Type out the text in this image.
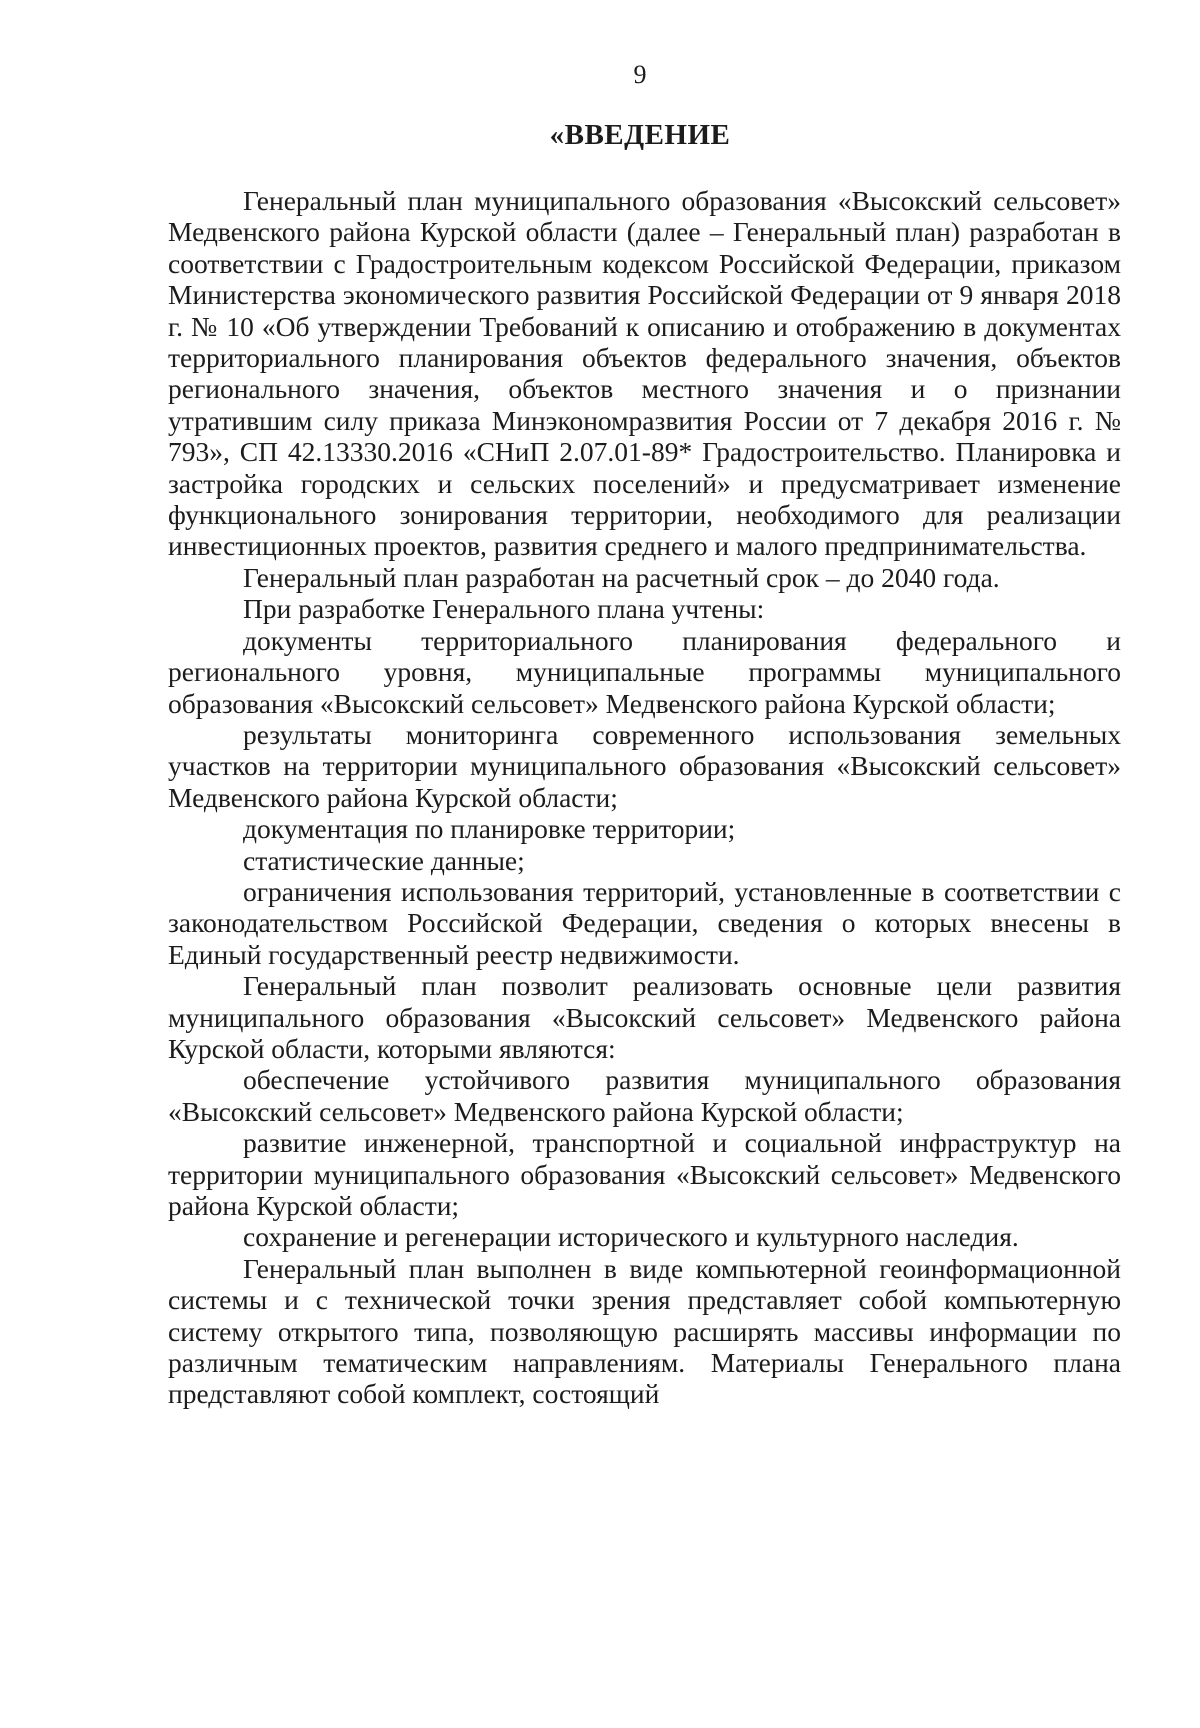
9
«ВВЕДЕНИЕ

Генеральный план муниципального образования «Высокский сельсовет» Медвенского района Курской области (далее – Генеральный план) разработан в соответствии с Градостроительным кодексом Российской Федерации, приказом Министерства экономического развития Российской Федерации от 9 января 2018 г. № 10 «Об утверждении Требований к описанию и отображению в документах территориального планирования объектов федерального значения, объектов регионального значения, объектов местного значения и о признании утратившим силу приказа Минэкономразвития России от 7 декабря 2016 г. № 793», СП 42.13330.2016 «СНиП 2.07.01-89* Градостроительство. Планировка и застройка городских и сельских поселений» и предусматривает изменение функционального зонирования территории, необходимого для реализации инвестиционных проектов, развития среднего и малого предпринимательства.

Генеральный план разработан на расчетный срок – до 2040 года.

При разработке Генерального плана учтены:

документы территориального планирования федерального и регионального уровня, муниципальные программы муниципального образования «Высокский сельсовет» Медвенского района Курской области;

результаты мониторинга современного использования земельных участков на территории муниципального образования «Высокский сельсовет» Медвенского района Курской области;

документация по планировке территории;

статистические данные;

ограничения использования территорий, установленные в соответствии с законодательством Российской Федерации, сведения о которых внесены в Единый государственный реестр недвижимости.

Генеральный план позволит реализовать основные цели развития муниципального образования «Высокский сельсовет» Медвенского района Курской области, которыми являются:

обеспечение устойчивого развития муниципального образования «Высокский сельсовет» Медвенского района Курской области;

развитие инженерной, транспортной и социальной инфраструктур на территории муниципального образования «Высокский сельсовет» Медвенского района Курской области;

сохранение и регенерации исторического и культурного наследия.

Генеральный план выполнен в виде компьютерной геоинформационной системы и с технической точки зрения представляет собой компьютерную систему открытого типа, позволяющую расширять массивы информации по различным тематическим направлениям. Материалы Генерального плана представляют собой комплект, состоящий
